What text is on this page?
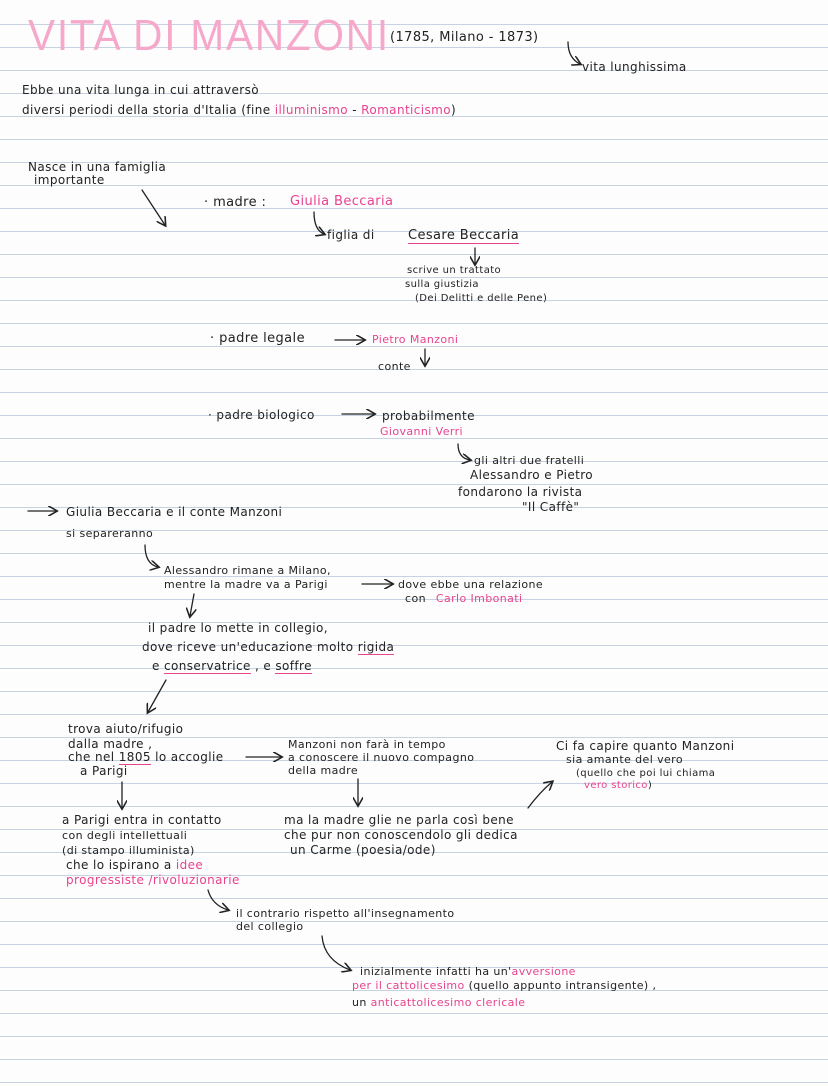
VITA DI MANZONI (1785, Milano - 1873)
vita lunghissima
Ebbe una vita lunga in cui attraversò
diversi periodi della storia d'Italia (fine illuminismo - Romanticismo)
Nasce in una famiglia
importante
· madre : Giulia Beccaria
figlia di	Cesare Beccaria
scrive un trattato
sulla giustizia
(Dei Delitti e delle Pene)
· padre legale	Pietro Manzoni
conte
· padre biologico	probabilmente
Giovanni Verri
gli altri due fratelli
Alessandro e Pietro
fondarono la rivista
"Il Caffè"
Giulia Beccaria e il conte Manzoni
si separeranno
Alessandro rimane a Milano,
mentre la madre va a Parigi	dove ebbe una relazione
con Carlo Imbonati
il padre lo mette in collegio,
dove riceve un'educazione molto rigida
e conservatrice , e soffre
trova aiuto/rifugio
dalla madre ,
che nel 1805 lo accoglie
a Parigi
Manzoni non farà in tempo
a conoscere il nuovo compagno
della madre
ma la madre glie ne parla così bene
che pur non conoscendolo gli dedica
un Carme (poesia/ode)
Ci fa capire quanto Manzoni
sia amante del vero
(quello che poi lui chiama
vero storico)
a Parigi entra in contatto
con degli intellettuali
(di stampo illuminista)
che lo ispirano a idee
progressiste /rivoluzionarie
il contrario rispetto all'insegnamento
del collegio
inizialmente infatti ha un'avversione
per il cattolicesimo (quello appunto intransigente) ,
un anticattolicesimo clericale
